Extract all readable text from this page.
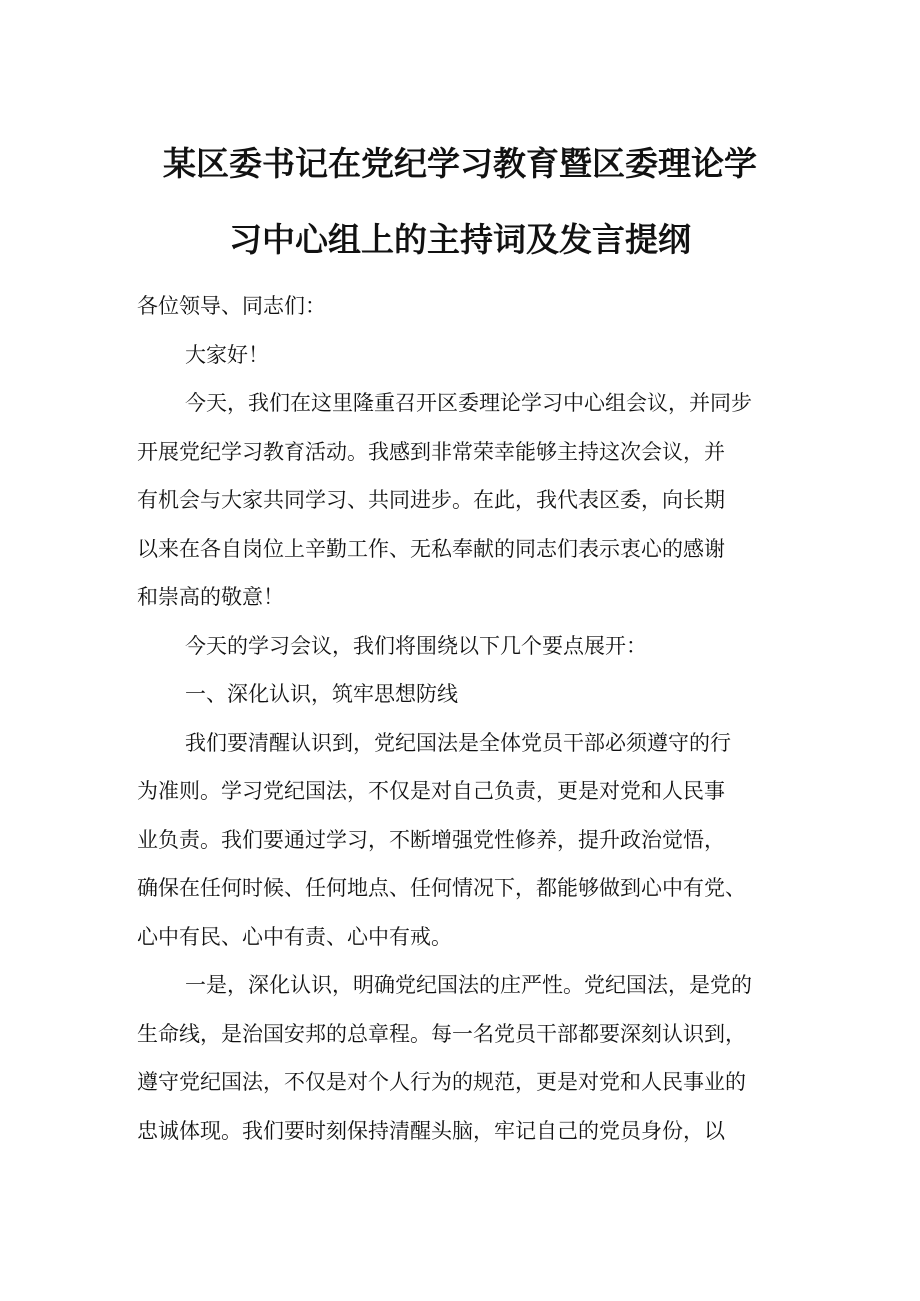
某区委书记在党纪学习教育暨区委理论学
习中心组上的主持词及发言提纲
各位领导、同志们：
大家好！
今天，我们在这里隆重召开区委理论学习中心组会议，并同步
开展党纪学习教育活动。我感到非常荣幸能够主持这次会议，并
有机会与大家共同学习、共同进步。在此，我代表区委，向长期
以来在各自岗位上辛勤工作、无私奉献的同志们表示衷心的感谢
和崇高的敬意！
今天的学习会议，我们将围绕以下几个要点展开：
一、深化认识，筑牢思想防线
我们要清醒认识到，党纪国法是全体党员干部必须遵守的行
为准则。学习党纪国法，不仅是对自己负责，更是对党和人民事
业负责。我们要通过学习，不断增强党性修养，提升政治觉悟，
确保在任何时候、任何地点、任何情况下，都能够做到心中有党、
心中有民、心中有责、心中有戒。
一是，深化认识，明确党纪国法的庄严性。党纪国法，是党的
生命线，是治国安邦的总章程。每一名党员干部都要深刻认识到，
遵守党纪国法，不仅是对个人行为的规范，更是对党和人民事业的
忠诚体现。我们要时刻保持清醒头脑，牢记自己的党员身份，以
